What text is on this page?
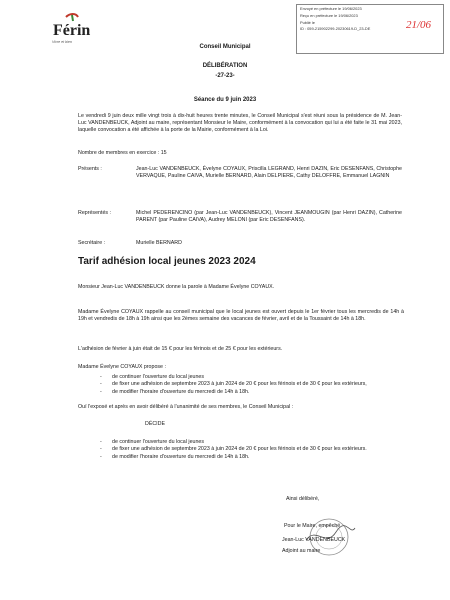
Envoyé en préfecture le 19/06/2023
Reçu en préfecture le 19/06/2023
Publié le
ID : 059-215902299-20230619-D_23-DE	21/06
Férin
Vivre et bien
Conseil Municipal
DÉLIBÉRATION
-27-23-
Séance du 9 juin 2023
Le vendredi 9 juin deux mille vingt trois à dix-huit heures trente minutes, le Conseil Municipal s'est réuni sous la présidence de M. Jean-Luc VANDENBEUCK, Adjoint au maire, représentant Monsieur le Maire, conformément à la convocation qui lui a été faite le 31 mai 2023, laquelle convocation a été affichée à la porte de la Mairie, conformément à la Loi.
Nombre de membres en exercice : 15
Présents :	Jean-Luc VANDENBEUCK, Évelyne COYAUX, Priscilla LEGRAND, Henri DAZIN, Eric DESENFANS, Christophe VERVAQUE, Pauline CAIVA, Murielle BERNARD, Alain DELPIERE, Cathy DELOFFRE, Emmanuel LAGNIN
Représentés :	Michel PEDERENCINO (par Jean-Luc VANDENBEUCK), Vincent JEANMOUGIN (par Henri DAZIN), Catherine PARENT (par Pauline CAIVA), Audrey MELONI (par Eric DESENFANS).
Secrétaire :	Murielle BERNARD
Tarif adhésion local jeunes 2023 2024
Monsieur Jean-Luc VANDENBEUCK donne la parole à Madame Évelyne COYAUX.
Madame Évelyne COYAUX rappelle au conseil municipal que le local jeunes est ouvert depuis le 1er février tous les mercredis de 14h à 19h et vendredis de 18h à 19h ainsi que les 2èmes semaine des vacances de février, avril et de la Toussaint de 14h à 18h.
L'adhésion de février à juin était de 15 € pour les férinois et de 25 € pour les extérieurs.
Madame Évelyne COYAUX propose :
- de continuer l'ouverture du local jeunes
- de fixer une adhésion de septembre 2023 à juin 2024 de 20 € pour les férinois et de 30 € pour les extérieurs,
- de modifier l'horaire d'ouverture du mercredi de 14h à 18h.
Ouï l'exposé et après en avoir délibéré à l'unanimité de ses membres, le Conseil Municipal :
DÉCIDE
- de continuer l'ouverture du local jeunes
- de fixer une adhésion de septembre 2023 à juin 2024 de 20 € pour les férinois et de 30 € pour les extérieurs.
- de modifier l'horaire d'ouverture du mercredi de 14h à 18h.
Ainsi délibéré,
Pour le Maire, empêché
Jean-Luc VANDENBEUCK
Adjoint au maire
